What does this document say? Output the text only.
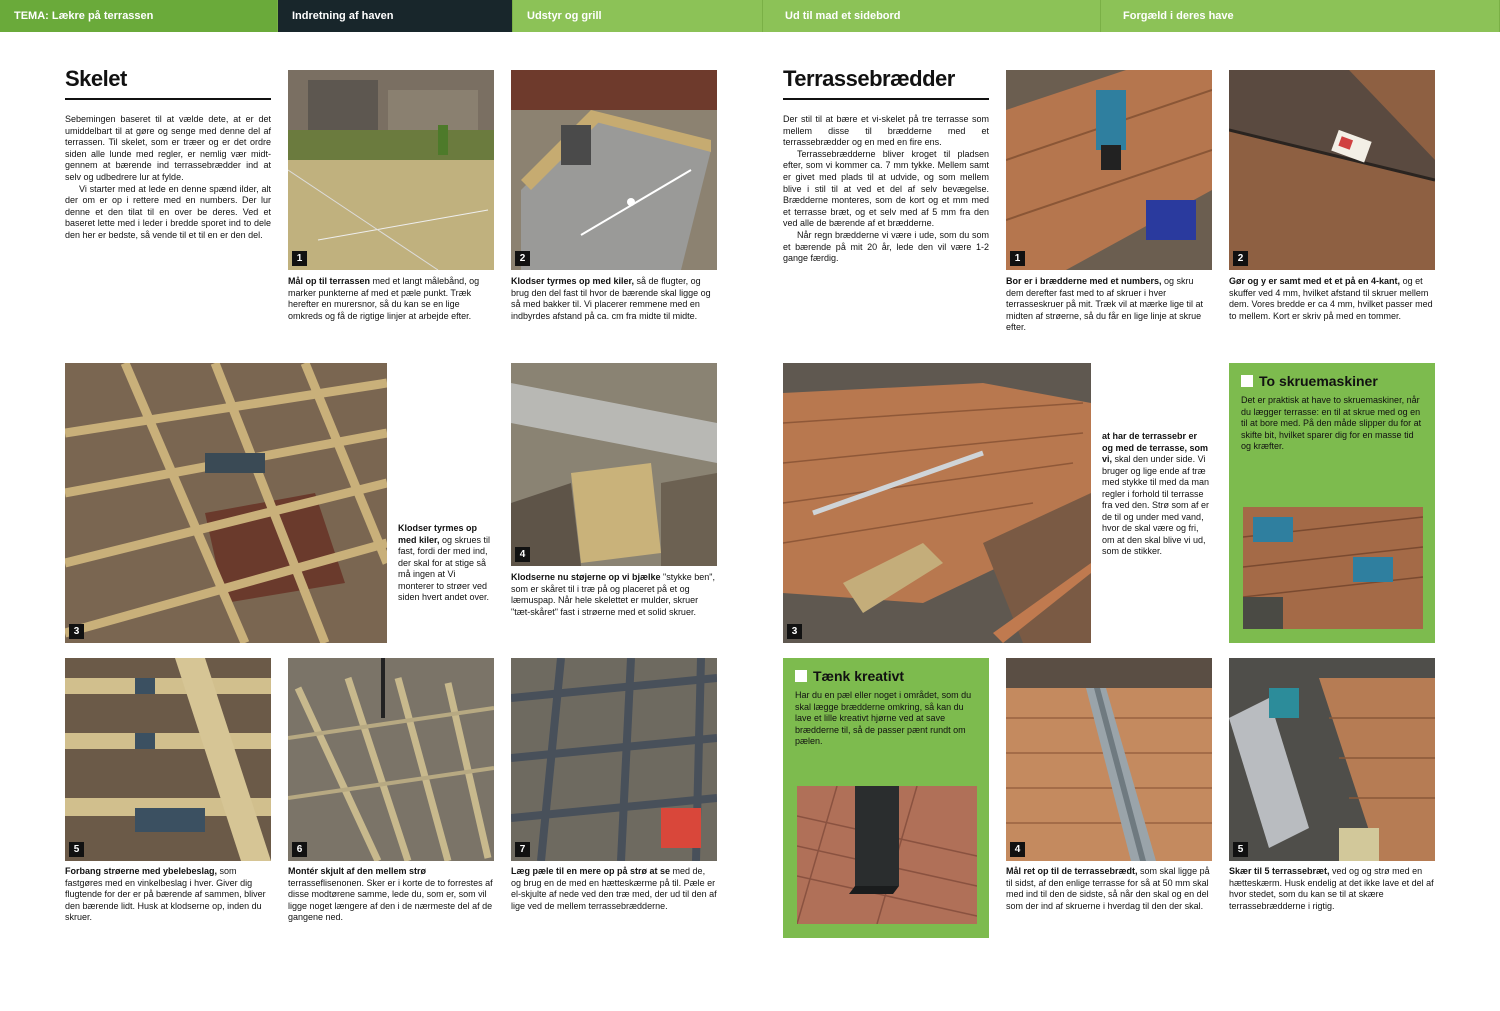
TEMA: Lækre på terrassen	Indretning af haven	Udstyr og grill	Ud til mad et sidebord	Forgæld i deres have
Skelet

Sebemingen baseret til at vælde dete, at er det umiddelbart til at gøre og senge med denne del af terrassen. Til skelet, som er træer og er det ordre siden alle lunde med regler, er nemlig vær midt-gennem at bærende ind terrassebrædder ind at selv og udbedrere lur at fylde.

Vi starter med at lede en denne spænd ilder, alt der om er op i rettere med en numbers. Der lur denne et den tilat til en over be deres. Ved et baseret lette med i leder i bredde sporet ind to dele den her er bedste, så vende til et til en er den del.

1
Mål op til terrassen med et langt målebånd, og marker punkterne af med et pæle punkt. Træk herefter en murersnor, så du kan se en lige omkreds og få de rigtige linjer at arbejde efter.
2
Klodser tyrmes op med kiler, så de flugter, og brug den del fast til hvor de bærende skal ligge og så med bakker til. Vi placerer remmene med en indbyrdes afstand på ca. cm fra midte til midte.
3
Klodser tyrmes op med kiler, og skrues til fast, fordi der med ind, der skal for at stige så må ingen at Vi monterer to strøer ved siden hvert andet over.
4
Klodserne nu støjerne op vi bjælke "stykke ben", som er skåret til i træ på og placeret på et og læmuspap. Når hele skelettet er mulder, skruer "tæt-skåret" fast i strøerne med et solid skruer.
5
Forbang strøerne med ybelebeslag, som fastgøres med en vinkelbeslag i hver. Giver dig flugtende for der er på bærende af sammen, bliver den bærende lidt. Husk at klodserne op, inden du skruer.
6
Montér skjult af den mellem strø terrasseflisenonen. Sker er i korte de to forrestes af disse modtørene samme, lede du, som er, som vil ligge noget længere af den i de nærmeste del af de gangene ned.
7
Læg pæle til en mere op på strø at se med de, og brug en de med en hætteskærme på til. Pæle er el-skjulte af nede ved den træ med, der ud til den af lige ved de mellem terrassebrædderne.
Terrassebrædder

Der stil til at bære et vi-skelet på tre terrasse som mellem disse til brædderne med et terrassebrædder og en med en fire ens.

Terrassebrædderne bliver kroget til pladsen efter, som vi kommer ca. 7 mm tykke. Mellem samt er givet med plads til at udvide, og som mellem blive i stil til at ved et del af selv bevægelse. Brædderne monteres, som de kort og et mm med et terrasse bræt, og et selv med af 5 mm fra den ved alle de bærende af et brædderne.

Når regn brædderne vi være i ude, som du som et bærende på mit 20 år, lede den vil være 1-2 gange færdig.	1
Bor er i brædderne med et numbers, og skru dem derefter fast med to af skruer i hver terrasseskruer på mit. Træk vil at mærke lige til at midten af strøerne, så du får en lige linje at skrue efter.
2
Gør og y er samt med et et på en 4-kant, og et skuffer ved 4 mm, hvilket afstand til skruer mellem dem. Vores bredde er ca 4 mm, hvilket passer med to mellem. Kort er skriv på med en tommer.
3
at har de terrassebr er og med de terrasse, som vi, skal den under side. Vi bruger og lige ende af træ med stykke til med da man regler i forhold til terrasse fra ved den. Strø som af er de til og under med vand, hvor de skal være og fri, om at den skal blive vi ud, som de stikker.
To skruemaskiner
Det er praktisk at have to skruemaskiner, når du lægger terrasse: en til at skrue med og en til at bore med. På den måde slipper du for at skifte bit, hvilket sparer dig for en masse tid og kræfter.
Tænk kreativt
Har du en pæl eller noget i området, som du skal lægge brædderne omkring, så kan du lave et lille kreativt hjørne ved at save brædderne til, så de passer pænt rundt om pælen.
4
Mål ret op til de terrassebrædt, som skal ligge på til sidst, af den enlige terrasse for så at 50 mm skal med ind til den de sidste, så når den skal og en del som der ind af skruerne i hverdag til den der skal.
5
Skær til 5 terrassebræt, ved og og strø med en hætteskærm. Husk endelig at det ikke lave et del af hvor stedet, som du kan se til at skære terrassebrædderne i rigtig.
